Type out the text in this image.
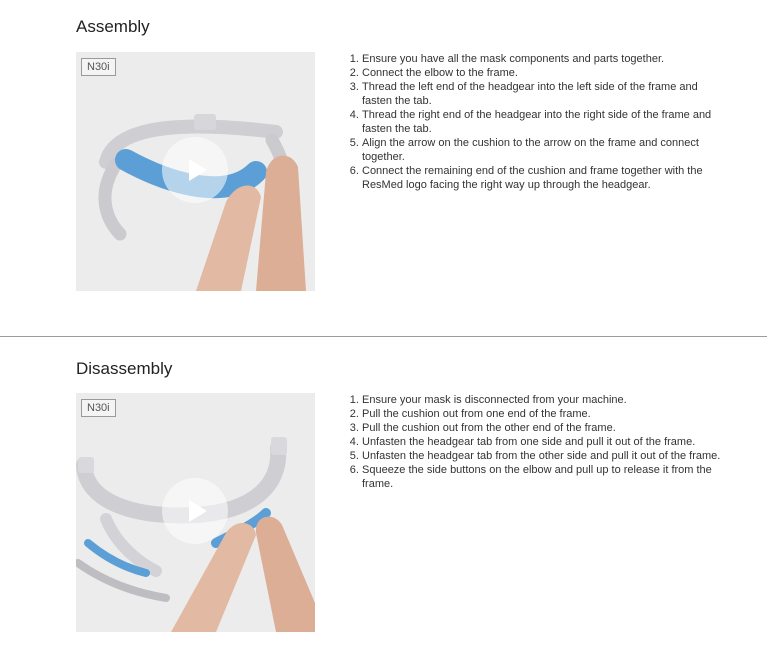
Assembly
N30i
1. Ensure you have all the mask components and parts together.
2. Connect the elbow to the frame.
3. Thread the left end of the headgear into the left side of the frame and fasten the tab.
4. Thread the right end of the headgear into the right side of the frame and fasten the tab.
5. Align the arrow on the cushion to the arrow on the frame and connect together.
6. Connect the remaining end of the cushion and frame together with the ResMed logo facing the right way up through the headgear.
Disassembly
N30i
1. Ensure your mask is disconnected from your machine.
2. Pull the cushion out from one end of the frame.
3. Pull the cushion out from the other end of the frame.
4. Unfasten the headgear tab from one side and pull it out of the frame.
5. Unfasten the headgear tab from the other side and pull it out of the frame.
6. Squeeze the side buttons on the elbow and pull up to release it from the frame.
